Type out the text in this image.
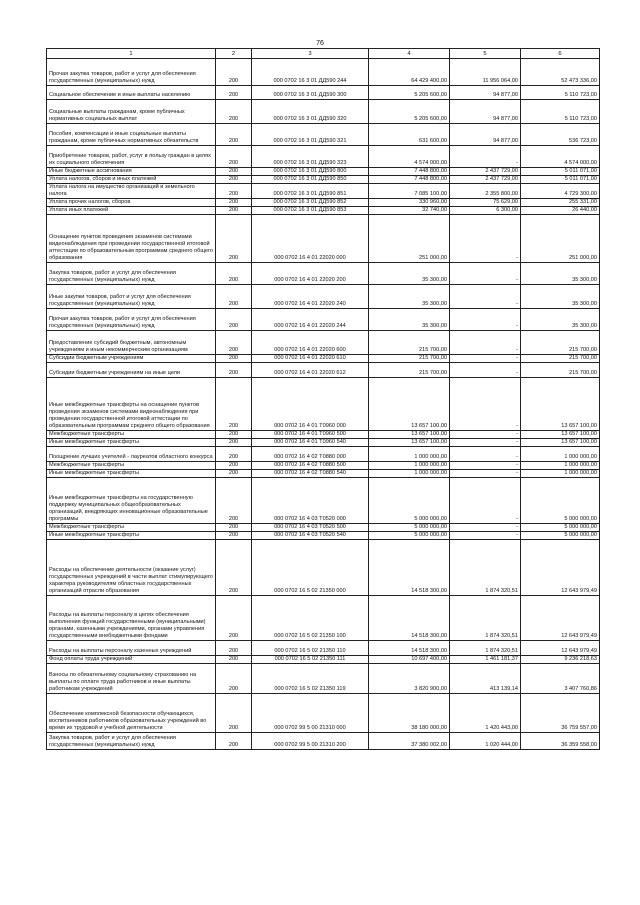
76
1	2	3	4	5	6
Прочая закупка товаров, работ и услуг для обеспечения государственных (муниципальных) нужд	200	000 0702 16 3 01 ДД590 244	64 429 400,00	11 956 064,00	52 473 336,00
Социальное обеспечение и иные выплаты населению	200	000 0702 16 3 01 ДД590 300	5 205 600,00	94 877,00	5 110 723,00
Социальные выплаты гражданам, кроме публичных нормативных социальных выплат	200	000 0702 16 3 01 ДД590 320	5 205 600,00	94 877,00	5 110 723,00
Пособия, компенсации и иные социальные выплаты гражданам, кроме публичных нормативных обязательств	200	000 0702 16 3 01 ДД590 321	631 600,00	94 877,00	536 723,00
Приобретение товаров, работ, услуг в пользу граждан в целях их социального обеспечения	200	000 0702 16 3 01 ДД590 323	4 574 000,00	-	4 574 000,00
Иные бюджетные ассигнования	200	000 0702 16 3 01 ДД590 800	7 448 800,00	2 437 729,00	5 011 071,00
Уплата налогов, сборов и иных платежей	200	000 0702 16 3 01 ДД590 850	7 448 800,00	2 437 729,00	5 011 071,00
Уплата налога на имущество организаций и земельного налога	200	000 0702 16 3 01 ДД590 851	7 085 100,00	2 355 800,00	4 729 300,00
Уплата прочих налогов, сборов	200	000 0702 16 3 01 ДД590 852	330 960,00	75 629,00	255 331,00
Уплата иных платежей	200	000 0702 16 3 01 ДД590 853	32 740,00	6 300,00	26 440,00
Оснащение пунктов проведения экзаменов системами видеонаблюдения при проведении государственной итоговой аттестации по образовательным программам среднего общего образования	200	000 0702 16 4 01 22020 000	251 000,00	-	251 000,00
Закупка товаров, работ и услуг для обеспечения государственных (муниципальных) нужд	200	000 0702 16 4 01 22020 200	35 300,00	-	35 300,00
Иные закупки товаров, работ и услуг для обеспечения государственных (муниципальных) нужд	200	000 0702 16 4 01 22020 240	35 300,00	-	35 300,00
Прочая закупка товаров, работ и услуг для обеспечения государственных (муниципальных) нужд	200	000 0702 16 4 01 22020 244	35 300,00	-	35 300,00
Предоставление субсидий бюджетным, автономным учреждениям и иным некоммерческим организациям	200	000 0702 16 4 01 22020 600	215 700,00	-	215 700,00
Субсидии бюджетным учреждениям	200	000 0702 16 4 01 22020 610	215 700,00	-	215 700,00
Субсидии бюджетным учреждениям на иные цели	200	000 0702 16 4 01 22020 612	215 700,00	-	215 700,00
Иные межбюджетные трансферты на оснащение пунктов проведения экзаменов системами видеонаблюдения при проведении государственной итоговой аттестации по образовательным программам среднего общего образования	200	000 0702 16 4 01 Т0960 000	13 657 100,00	-	13 657 100,00
Межбюджетные трансферты	200	000 0702 16 4 01 Т0960 500	13 657 100,00	-	13 657 100,00
Иные межбюджетные трансферты	200	000 0702 16 4 01 Т0960 540	13 657 100,00	-	13 657 100,00
Поощрение лучших учителей - лауреатов областного конкурса	200	000 0702 16 4 02 Т0880 000	1 000 000,00	-	1 000 000,00
Межбюджетные трансферты	200	000 0702 16 4 02 Т0880 500	1 000 000,00	-	1 000 000,00
Иные межбюджетные трансферты	200	000 0702 16 4 02 Т0880 540	1 000 000,00	-	1 000 000,00
Иные межбюджетные трансферты на государственную поддержку муниципальных общеобразовательных организаций, внедряющих инновационные образовательные программы	200	000 0702 16 4 03 Т0520 000	5 000 000,00	-	5 000 000,00
Межбюджетные трансферты	200	000 0702 16 4 03 Т0520 500	5 000 000,00	-	5 000 000,00
Иные межбюджетные трансферты	200	000 0702 16 4 03 Т0520 540	5 000 000,00	-	5 000 000,00
Расходы на обеспечение деятельности (оказание услуг) государственных учреждений в части выплат стимулирующего характера руководителям областных государственных организаций отрасли образования	200	000 0702 16 5 02 21350 000	14 518 300,00	1 874 320,51	12 643 979,49
Расходы на выплаты персоналу в целях обеспечения выполнения функций государственными (муниципальными) органами, казенными учреждениями, органами управления государственными внебюджетными фондами	200	000 0702 16 5 02 21350 100	14 518 300,00	1 874 320,51	12 643 979,49
Расходы на выплаты персоналу казенных учреждений	200	000 0702 16 5 02 21350 110	14 518 300,00	1 874 320,51	12 643 979,49
Фонд оплаты труда учреждений	200	000 0702 16 5 02 21350 111	10 697 400,00	1 461 181,37	9 236 218,63
Взносы по обязательному социальному страхованию на выплаты по оплате труда работников и иные выплаты работникам учреждений	200	000 0702 16 5 02 21350 119	3 820 900,00	413 139,14	3 407 760,86
Обеспечение комплексной безопасности обучающихся, воспитанников работников образовательных учреждений во время их трудовой и учебной деятельности	200	000 0702 99 5 00 21310 000	38 180 000,00	1 420 443,00	36 759 557,00
Закупка товаров, работ и услуг для обеспечения государственных (муниципальных) нужд	200	000 0702 99 5 00 21310 200	37 380 002,00	1 020 444,00	36 359 558,00
